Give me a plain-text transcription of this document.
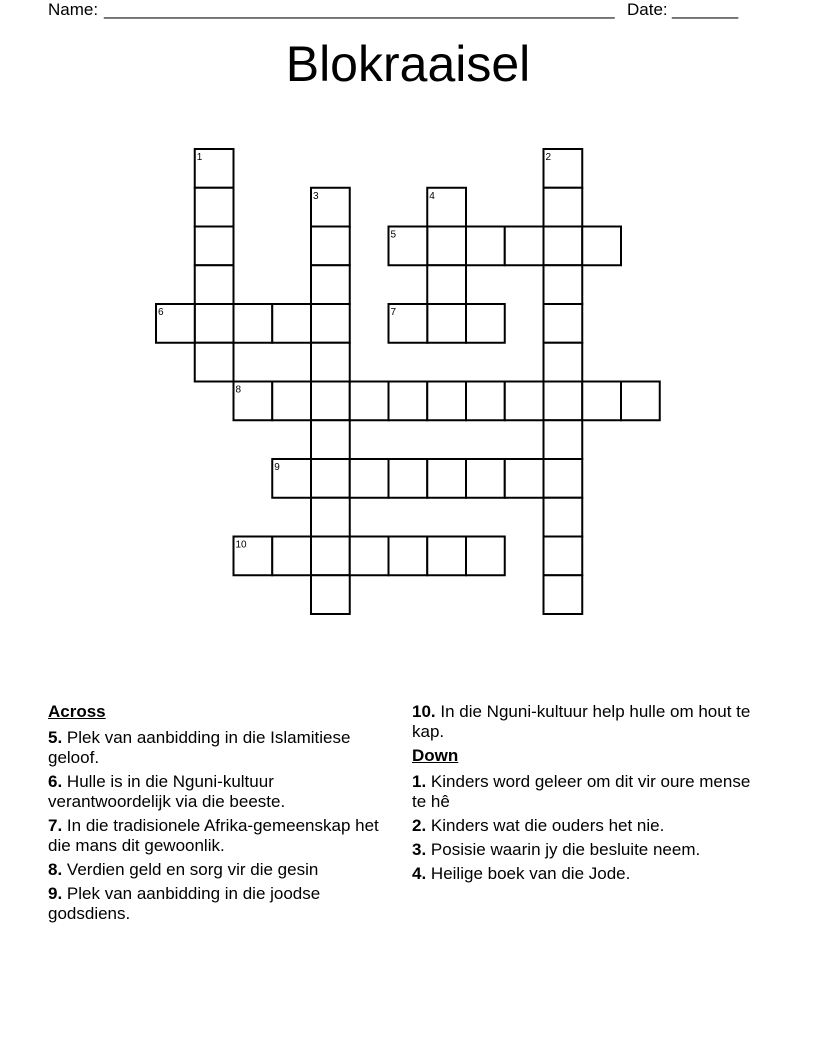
Name: ______________________________________________________ Date: _______
Blokraaisel
1	2
3	4
5
6	7
8
9
10
Across
5. Plek van aanbidding in die Islamitiese geloof.
6. Hulle is in die Nguni-kultuur verantwoordelijk via die beeste.
7. In die tradisionele Afrika-gemeenskap het die mans dit gewoonlik.
8. Verdien geld en sorg vir die gesin
9. Plek van aanbidding in die joodse godsdiens.
10. In die Nguni-kultuur help hulle om hout te kap.
Down
1. Kinders word geleer om dit vir oure mense te hê
2. Kinders wat die ouders het nie.
3. Posisie waarin jy die besluite neem.
4. Heilige boek van die Jode.
